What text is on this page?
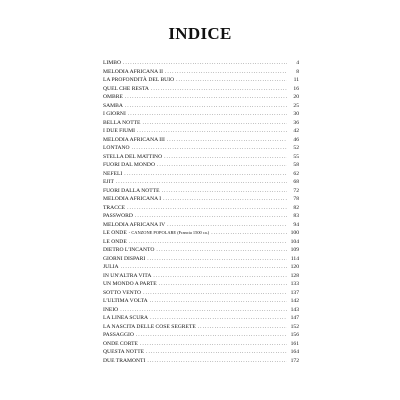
INDICE
LIMBO .....	4
MELODIA AFRICANA II .....	8
LA PROFONDITÀ DEL BUIO .....	11
QUEL CHE RESTA .....	16
OMBRE .....	20
SAMBA .....	25
I GIORNI .....	30
BELLA NOTTE .....	36
I DUE FIUMI .....	42
MELODIA AFRICANA III .....	46
LONTANO .....	52
STELLA DEL MATTINO .....	55
FUORI DAL MONDO .....	58
NEFELI .....	62
EJIT .....	68
FUORI DALLA NOTTE .....	72
MELODIA AFRICANA I .....	78
TRACCE .....	82
PASSWORD .....	83
MELODIA AFRICANA IV .....	94
LE ONDE - CANZONE POPOLARE (Francia 1500 ca.) .....	100
LE ONDE .....	104
DIETRO L'INCANTO .....	109
GIORNI DISPARI .....	114
JULIA .....	120
IN UN'ALTRA VITA .....	128
UN MONDO A PARTE .....	133
SOTTO VENTO .....	137
L'ULTIMA VOLTA .....	142
INEIO .....	143
LA LINEA SCURA .....	147
LA NASCITA DELLE COSE SEGRETE .....	152
PASSAGGIO .....	156
ONDE CORTE .....	161
QUESTA NOTTE .....	164
DUE TRAMONTI .....	172
